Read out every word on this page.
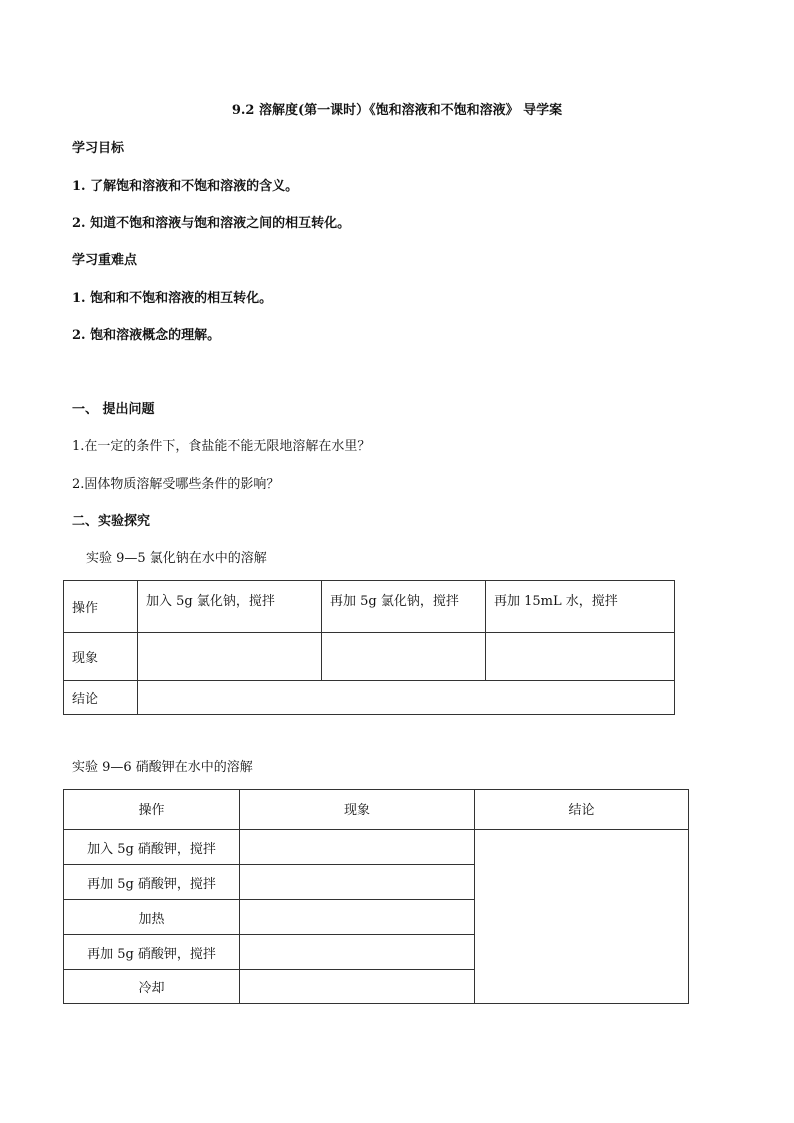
9.2 溶解度(第一课时）《饱和溶液和不饱和溶液》 导学案
学习目标
1. 了解饱和溶液和不饱和溶液的含义。
2. 知道不饱和溶液与饱和溶液之间的相互转化。
学习重难点
1. 饱和和不饱和溶液的相互转化。
2. 饱和溶液概念的理解。
一、 提出问题
1.在一定的条件下，食盐能不能无限地溶解在水里？
2.固体物质溶解受哪些条件的影响？
二、实验探究
实验 9—5 氯化钠在水中的溶解
操作	加入 5g 氯化钠，搅拌	再加 5g 氯化钠，搅拌	再加 15mL 水，搅拌
现象			
结论			
实验 9—6 硝酸钾在水中的溶解
操作	现象	结论
加入 5g 硝酸钾，搅拌		
再加 5g 硝酸钾，搅拌		
加热		
再加 5g 硝酸钾，搅拌		
冷却		
